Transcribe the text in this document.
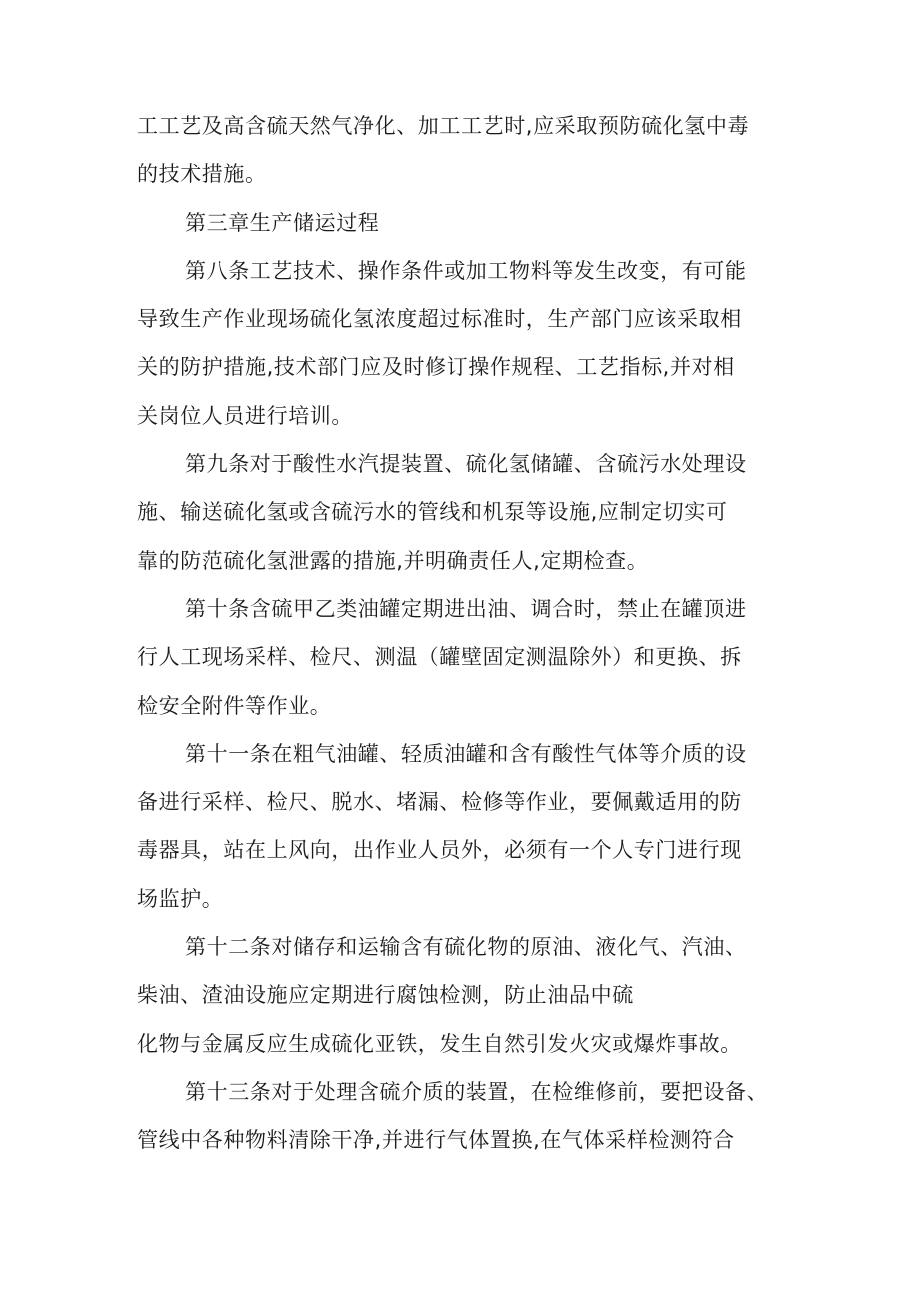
工工艺及高含硫天然气净化、加工工艺时,应采取预防硫化氢中毒
的技术措施。
第三章生产储运过程
第八条工艺技术、操作条件或加工物料等发生改变，有可能
导致生产作业现场硫化氢浓度超过标准时，生产部门应该采取相
关的防护措施,技术部门应及时修订操作规程、工艺指标,并对相
关岗位人员进行培训。
第九条对于酸性水汽提装置、硫化氢储罐、含硫污水处理设
施、输送硫化氢或含硫污水的管线和机泵等设施,应制定切实可
靠的防范硫化氢泄露的措施,并明确责任人,定期检查。
第十条含硫甲乙类油罐定期进出油、调合时，禁止在罐顶进
行人工现场采样、检尺、测温（罐壁固定测温除外）和更换、拆
检安全附件等作业。
第十一条在粗气油罐、轻质油罐和含有酸性气体等介质的设
备进行采样、检尺、脱水、堵漏、检修等作业，要佩戴适用的防
毒器具，站在上风向，出作业人员外，必须有一个人专门进行现
场监护。
第十二条对储存和运输含有硫化物的原油、液化气、汽油、
柴油、渣油设施应定期进行腐蚀检测，防止油品中硫
化物与金属反应生成硫化亚铁，发生自然引发火灾或爆炸事故。
第十三条对于处理含硫介质的装置，在检维修前，要把设备、
管线中各种物料清除干净,并进行气体置换,在气体采样检测符合
